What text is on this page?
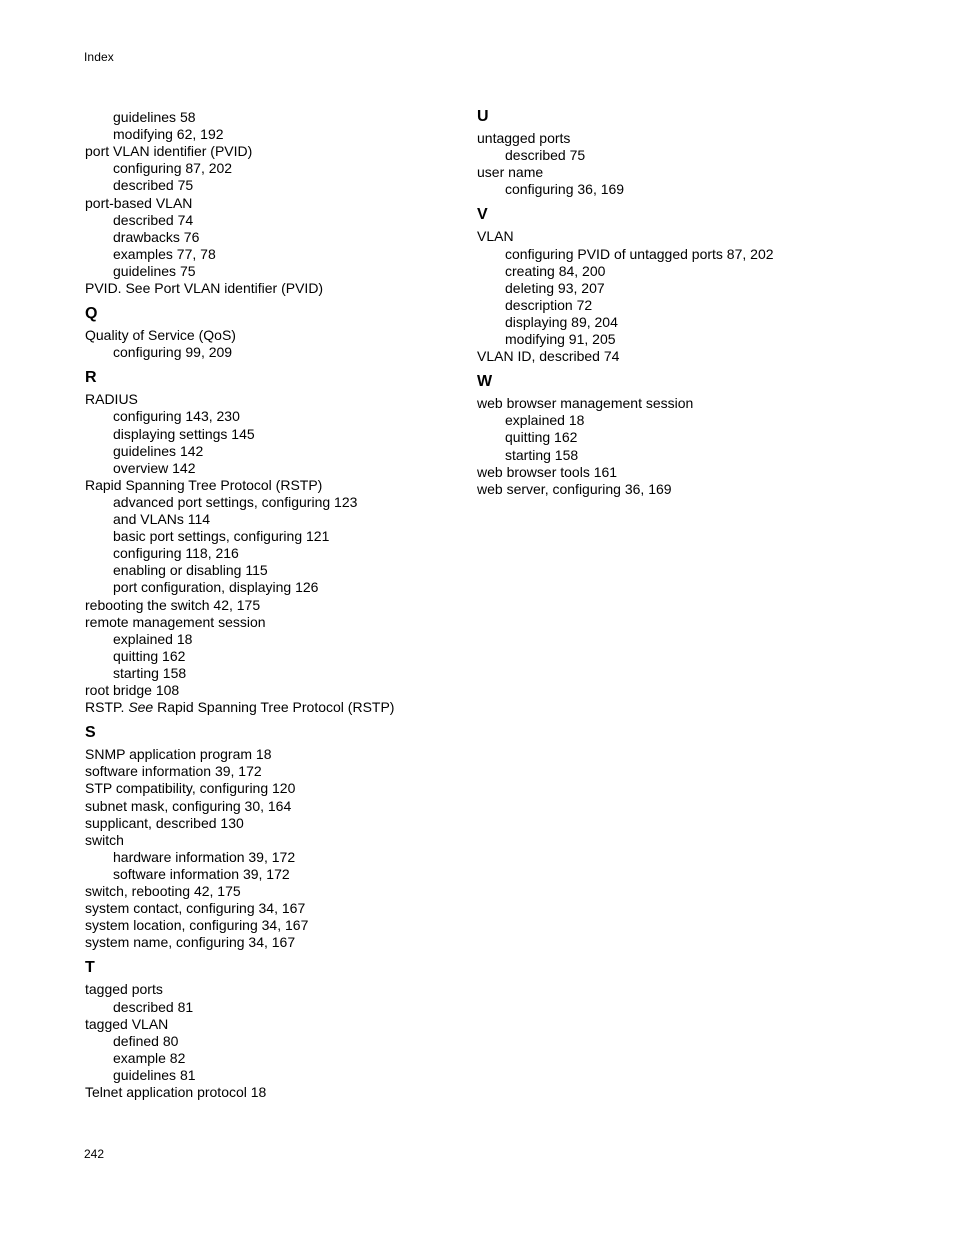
Index
guidelines 58
modifying 62, 192
port VLAN identifier (PVID)
configuring 87, 202
described 75
port-based VLAN
described 74
drawbacks 76
examples 77, 78
guidelines 75
PVID. See Port VLAN identifier (PVID)
Q
Quality of Service (QoS)
configuring 99, 209
R
RADIUS
configuring 143, 230
displaying settings 145
guidelines 142
overview 142
Rapid Spanning Tree Protocol (RSTP)
advanced port settings, configuring 123
and VLANs 114
basic port settings, configuring 121
configuring 118, 216
enabling or disabling 115
port configuration, displaying 126
rebooting the switch 42, 175
remote management session
explained 18
quitting 162
starting 158
root bridge 108
RSTP. See Rapid Spanning Tree Protocol (RSTP)
S
SNMP application program 18
software information 39, 172
STP compatibility, configuring 120
subnet mask, configuring 30, 164
supplicant, described 130
switch
hardware information 39, 172
software information 39, 172
switch, rebooting 42, 175
system contact, configuring 34, 167
system location, configuring 34, 167
system name, configuring 34, 167
T
tagged ports
described 81
tagged VLAN
defined 80
example 82
guidelines 81
Telnet application protocol 18
U
untagged ports
described 75
user name
configuring 36, 169
V
VLAN
configuring PVID of untagged ports 87, 202
creating 84, 200
deleting 93, 207
description 72
displaying 89, 204
modifying 91, 205
VLAN ID, described 74
W
web browser management session
explained 18
quitting 162
starting 158
web browser tools 161
web server, configuring 36, 169
242
